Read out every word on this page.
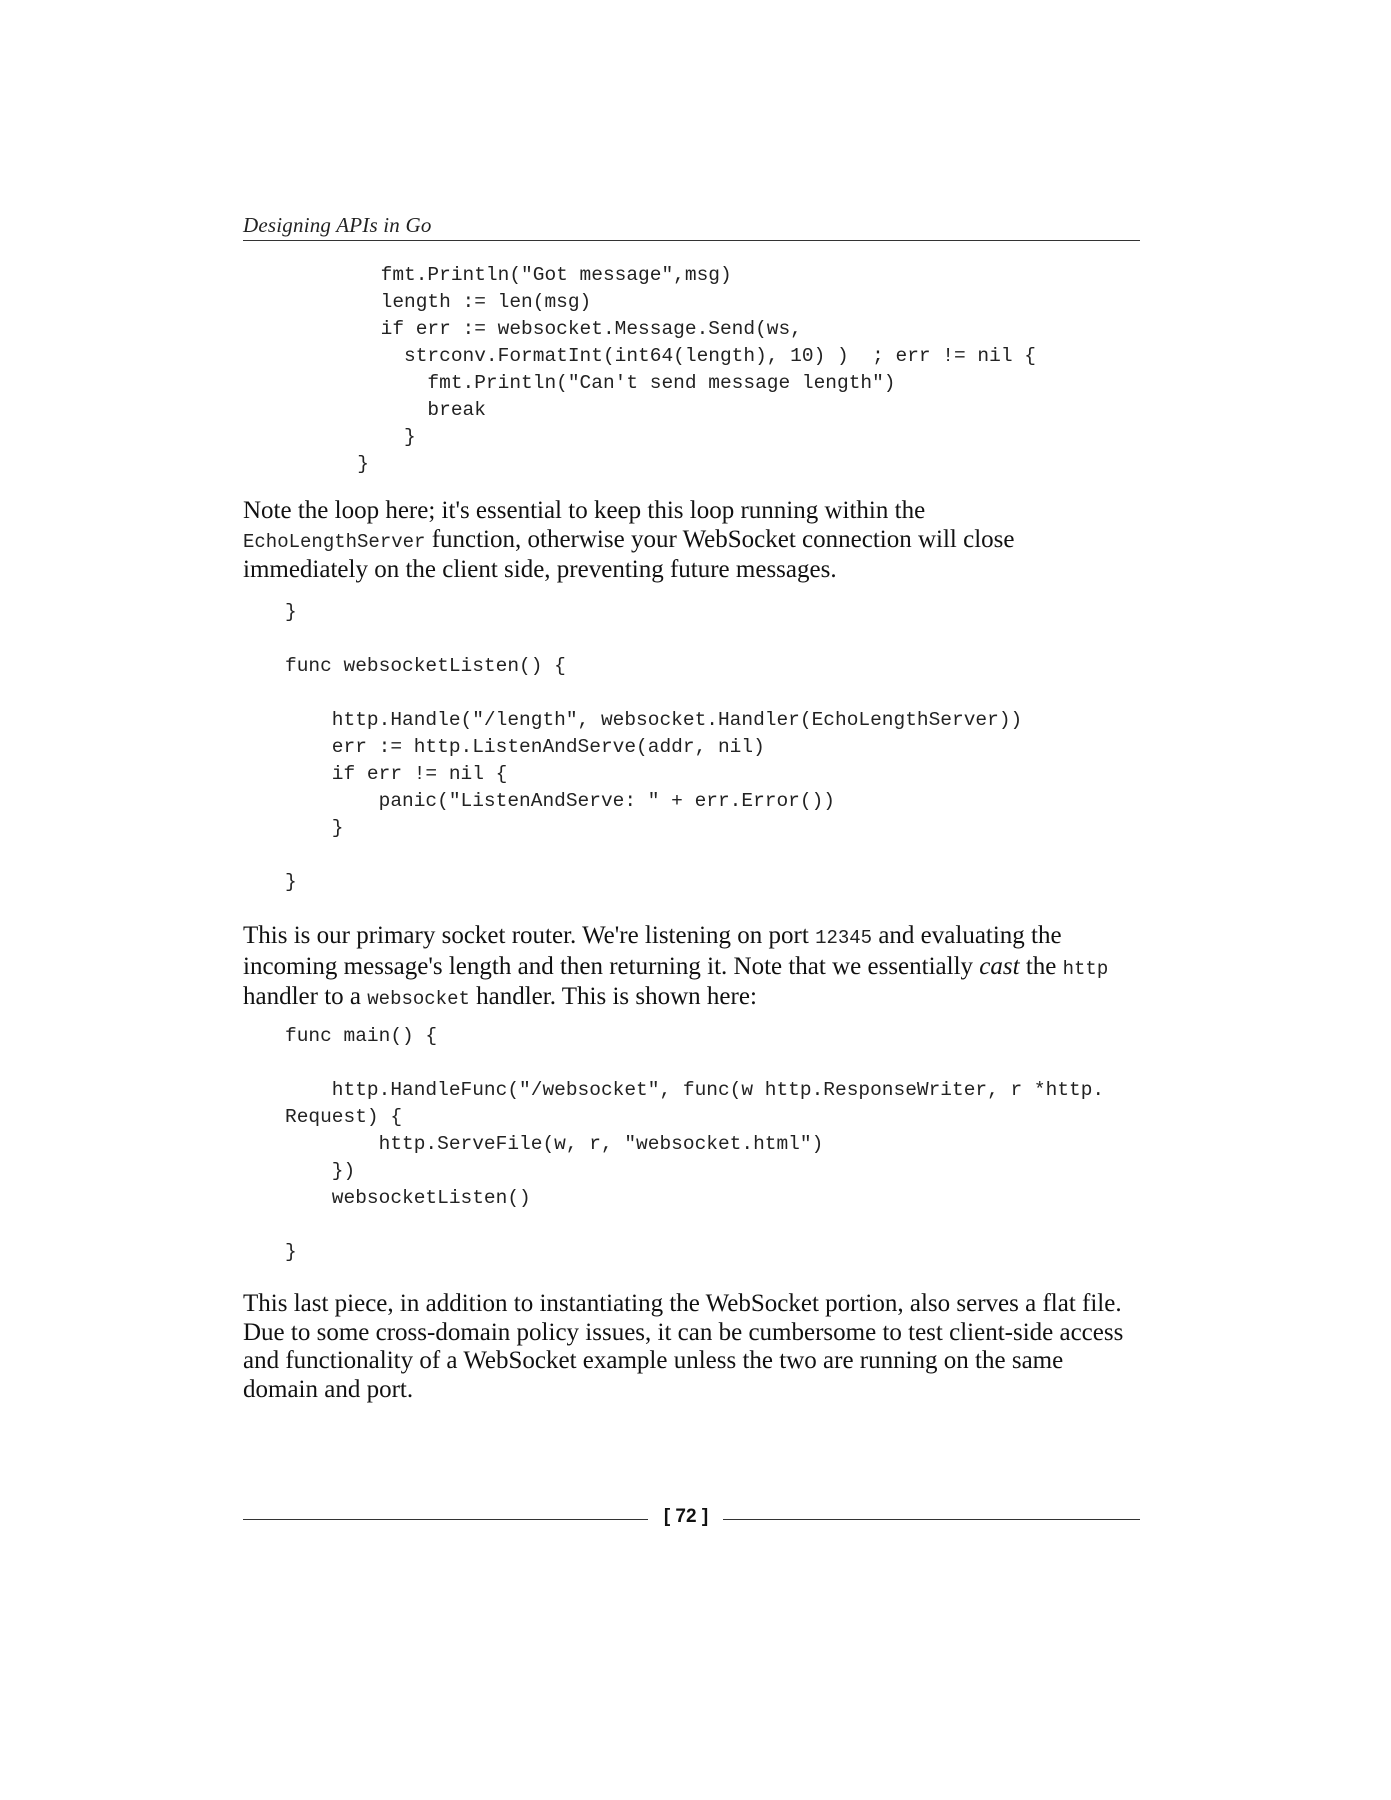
Designing APIs in Go
fmt.Println("Got message",msg)
length := len(msg)
if err := websocket.Message.Send(ws,
strconv.FormatInt(int64(length), 10) )  ; err != nil {
fmt.Println("Can't send message length")
break
}
}

Note the loop here; it's essential to keep this loop running within the
EchoLengthServer function, otherwise your WebSocket connection will close immediately on the client side, preventing future messages.

}
func websocketListen() {
http.Handle("/length", websocket.Handler(EchoLengthServer))
err := http.ListenAndServe(addr, nil)
if err != nil {
panic("ListenAndServe: " + err.Error())
}
}

This is our primary socket router. We're listening on port 12345 and evaluating the incoming message's length and then returning it. Note that we essentially cast the http handler to a websocket handler. This is shown here:

func main() {
http.HandleFunc("/websocket", func(w http.ResponseWriter, r *http.
Request) {
http.ServeFile(w, r, "websocket.html")
})
websocketListen()
}

This last piece, in addition to instantiating the WebSocket portion, also serves a flat file. Due to some cross-domain policy issues, it can be cumbersome to test client-side access and functionality of a WebSocket example unless the two are running on the same domain and port.

[ 72 ]
